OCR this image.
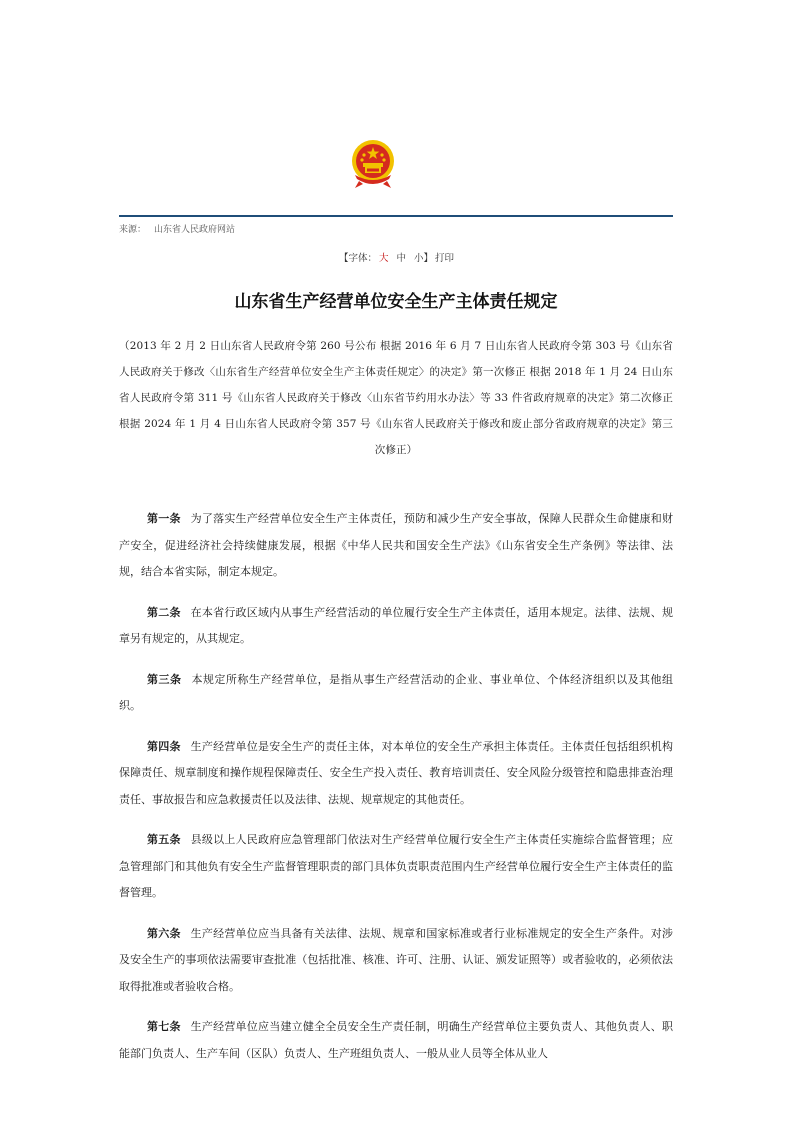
来源： 山东省人民政府网站
【字体： 大 中 小】 打印
山东省生产经营单位安全生产主体责任规定
（2013 年 2 月 2 日山东省人民政府令第 260 号公布 根据 2016 年 6 月 7 日山东省人民政府令第 303 号《山东省人民政府关于修改〈山东省生产经营单位安全生产主体责任规定〉的决定》第一次修正 根据 2018 年 1 月 24 日山东省人民政府令第 311 号《山东省人民政府关于修改〈山东省节约用水办法〉等 33 件省政府规章的决定》第二次修正 根据 2024 年 1 月 4 日山东省人民政府令第 357 号《山东省人民政府关于修改和废止部分省政府规章的决定》第三次修正）

第一条 为了落实生产经营单位安全生产主体责任，预防和减少生产安全事故，保障人民群众生命健康和财产安全，促进经济社会持续健康发展，根据《中华人民共和国安全生产法》《山东省安全生产条例》等法律、法规，结合本省实际，制定本规定。

第二条 在本省行政区域内从事生产经营活动的单位履行安全生产主体责任，适用本规定。法律、法规、规章另有规定的，从其规定。

第三条 本规定所称生产经营单位，是指从事生产经营活动的企业、事业单位、个体经济组织以及其他组织。

第四条 生产经营单位是安全生产的责任主体，对本单位的安全生产承担主体责任。主体责任包括组织机构保障责任、规章制度和操作规程保障责任、安全生产投入责任、教育培训责任、安全风险分级管控和隐患排查治理责任、事故报告和应急救援责任以及法律、法规、规章规定的其他责任。

第五条 县级以上人民政府应急管理部门依法对生产经营单位履行安全生产主体责任实施综合监督管理；应急管理部门和其他负有安全生产监督管理职责的部门具体负责职责范围内生产经营单位履行安全生产主体责任的监督管理。

第六条 生产经营单位应当具备有关法律、法规、规章和国家标准或者行业标准规定的安全生产条件。对涉及安全生产的事项依法需要审查批准（包括批准、核准、许可、注册、认证、颁发证照等）或者验收的，必须依法取得批准或者验收合格。

第七条 生产经营单位应当建立健全全员安全生产责任制，明确生产经营单位主要负责人、其他负责人、职能部门负责人、生产车间（区队）负责人、生产班组负责人、一般从业人员等全体从业人
